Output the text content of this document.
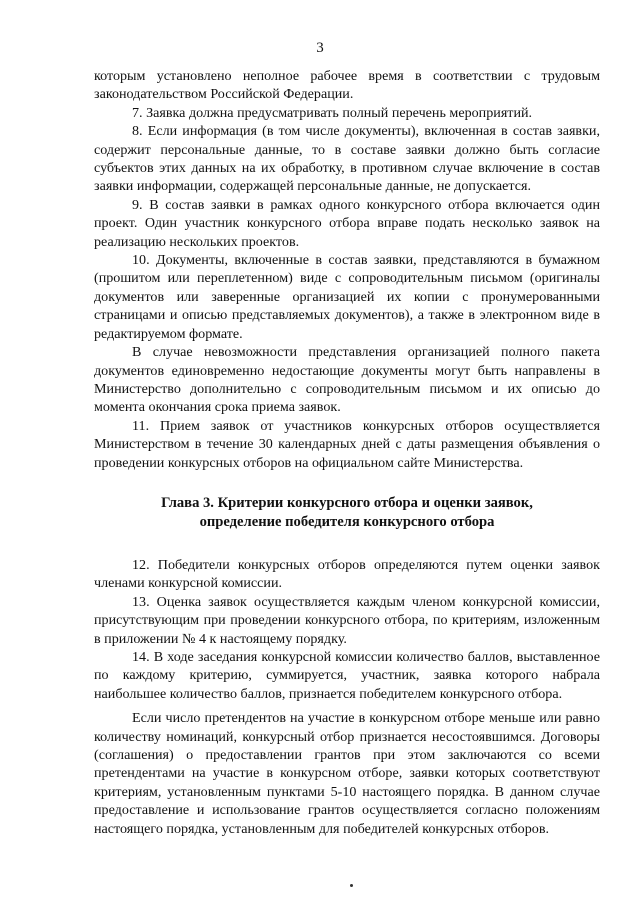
3

которым установлено неполное рабочее время в соответствии с трудовым законодательством Российской Федерации.

7. Заявка должна предусматривать полный перечень мероприятий.

8. Если информация (в том числе документы), включенная в состав заявки, содержит персональные данные, то в составе заявки должно быть согласие субъектов этих данных на их обработку, в противном случае включение в состав заявки информации, содержащей персональные данные, не допускается.

9. В состав заявки в рамках одного конкурсного отбора включается один проект. Один участник конкурсного отбора вправе подать несколько заявок на реализацию нескольких проектов.

10. Документы, включенные в состав заявки, представляются в бумажном (прошитом или переплетенном) виде с сопроводительным письмом (оригиналы документов или заверенные организацией их копии с пронумерованными страницами и описью представляемых документов), а также в электронном виде в редактируемом формате.

В случае невозможности представления организацией полного пакета документов единовременно недостающие документы могут быть направлены в Министерство дополнительно с сопроводительным письмом и их описью до момента окончания срока приема заявок.

11. Прием заявок от участников конкурсных отборов осуществляется Министерством в течение 30 календарных дней с даты размещения объявления о проведении конкурсных отборов на официальном сайте Министерства.

Глава 3. Критерии конкурсного отбора и оценки заявок,
определение победителя конкурсного отбора

12. Победители конкурсных отборов определяются путем оценки заявок членами конкурсной комиссии.

13. Оценка заявок осуществляется каждым членом конкурсной комиссии, присутствующим при проведении конкурсного отбора, по критериям, изложенным в приложении № 4 к настоящему порядку.

14. В ходе заседания конкурсной комиссии количество баллов, выставленное по каждому критерию, суммируется, участник, заявка которого набрала наибольшее количество баллов, признается победителем конкурсного отбора.

Если число претендентов на участие в конкурсном отборе меньше или равно количеству номинаций, конкурсный отбор признается несостоявшимся. Договоры (соглашения) о предоставлении грантов при этом заключаются со всеми претендентами на участие в конкурсном отборе, заявки которых соответствуют критериям, установленным пунктами 5-10 настоящего порядка. В данном случае предоставление и использование грантов осуществляется согласно положениям настоящего порядка, установленным для победителей конкурсных отборов.
